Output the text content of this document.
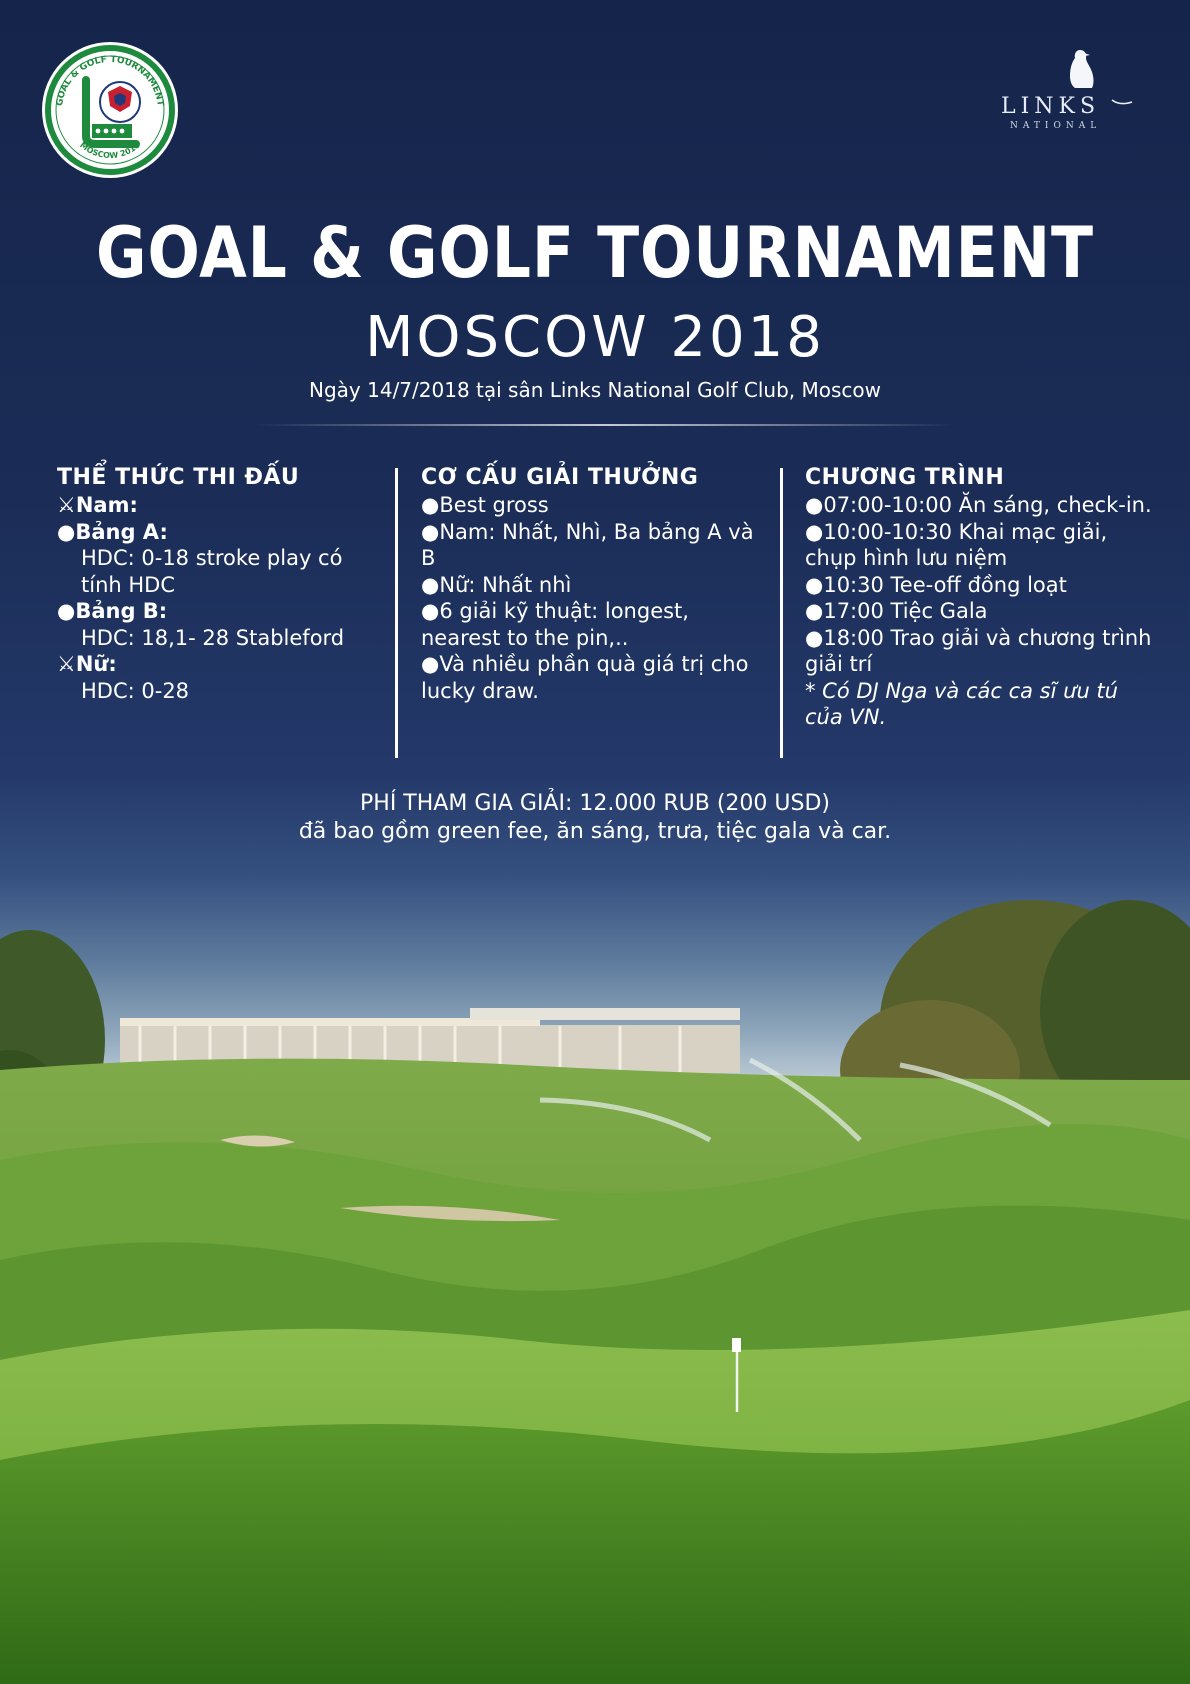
GOAL & GOLF TOURNAMENT
MOSCOW 2018
LINKS
NATIONAL
GOAL & GOLF TOURNAMENT
MOSCOW 2018
Ngày 14/7/2018 tại sân Links National Golf Club, Moscow
THỂ THỨC THI ĐẤU

⚔Nam:

●Bảng A:

HDC: 0-18 stroke play có tính HDC

●Bảng B:

HDC: 18,1- 28 Stableford

⚔Nữ:

HDC: 0-28

CƠ CẤU GIẢI THƯỞNG

●Best gross

●Nam: Nhất, Nhì, Ba bảng A và B

●Nữ: Nhất nhì

●6 giải kỹ thuật: longest, nearest to the pin,..

●Và nhiều phần quà giá trị cho lucky draw.

CHƯƠNG TRÌNH

●07:00-10:00 Ăn sáng, check-in.

●10:00-10:30 Khai mạc giải, chụp hình lưu niệm

●10:30 Tee-off đồng loạt

●17:00 Tiệc Gala

●18:00 Trao giải và chương trình giải trí

* Có DJ Nga và các ca sĩ ưu tú của VN.

PHÍ THAM GIA GIẢI: 12.000 RUB (200 USD)
đã bao gồm green fee, ăn sáng, trưa, tiệc gala và car.
